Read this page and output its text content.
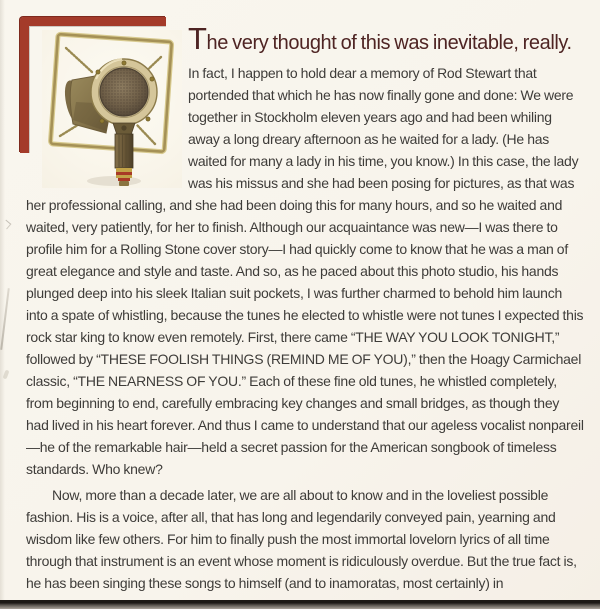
The very thought of this was inevitable, really.

In fact, I happen to hold dear a memory of Rod Stewart that portended that which he has now finally gone and done: We were together in Stockholm eleven years ago and had been whiling away a long dreary afternoon as he waited for a lady. (He has waited for many a lady in his time, you know.) In this case, the lady was his missus and she had been posing for pictures, as that was her professional calling, and she had been doing this for many hours, and so he waited and waited, very patiently, for her to finish. Although our acquaintance was new—I was there to profile him for a Rolling Stone cover story—I had quickly come to know that he was a man of great elegance and style and taste. And so, as he paced about this photo studio, his hands plunged deep into his sleek Italian suit pockets, I was further charmed to behold him launch into a spate of whistling, because the tunes he elected to whistle were not tunes I expected this rock star king to know even remotely. First, there came “THE WAY YOU LOOK TONIGHT,” followed by “THESE FOOLISH THINGS (REMIND ME OF YOU),” then the Hoagy Carmichael classic, “THE NEARNESS OF YOU.” Each of these fine old tunes, he whistled completely, from beginning to end, carefully embracing key changes and small bridges, as though they had lived in his heart forever. And thus I came to understand that our ageless vocalist nonpareil—he of the remarkable hair—held a secret passion for the American songbook of timeless standards. Who knew?

Now, more than a decade later, we are all about to know and in the loveliest possible fashion. His is a voice, after all, that has long and legendarily conveyed pain, yearning and wisdom like few others. For him to finally push the most immortal lovelorn lyrics of all time through that instrument is an event whose moment is ridiculously overdue. But the true fact is, he has been singing these songs to himself (and to inamoratas, most certainly) in
